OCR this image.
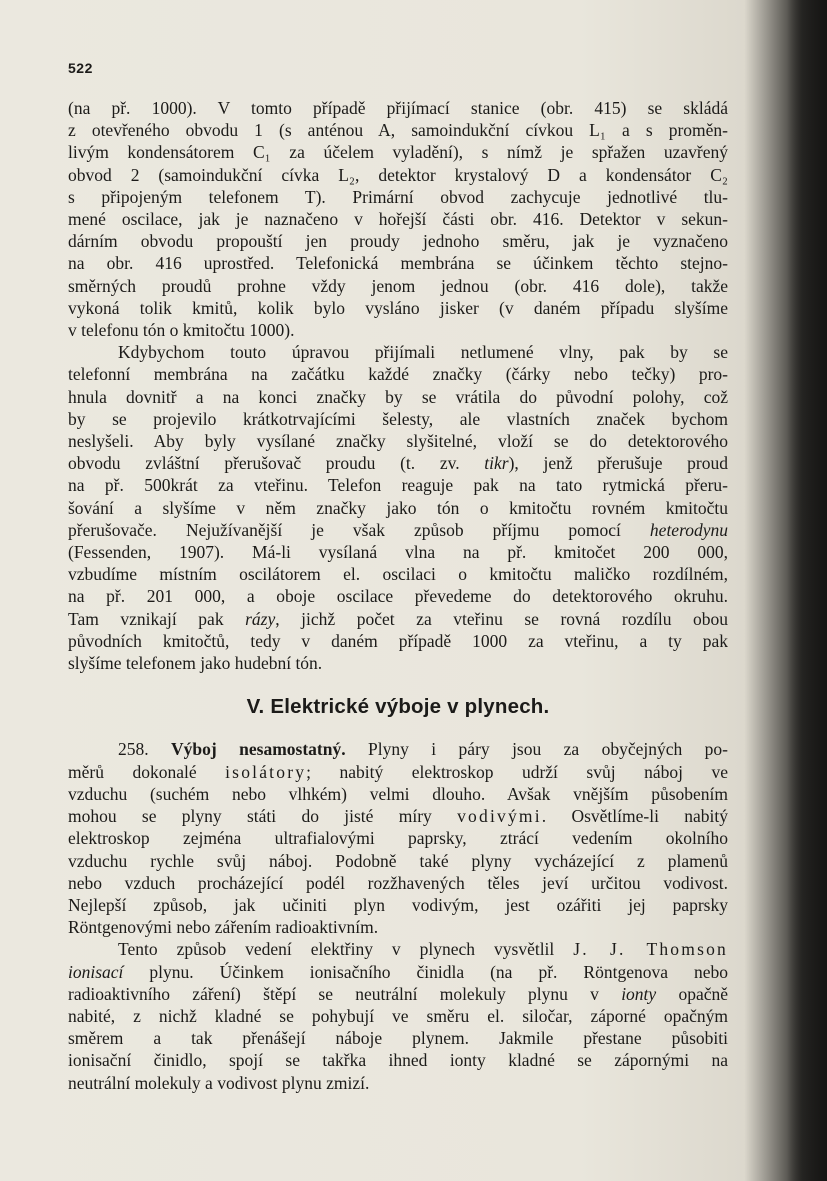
522
(na př. 1000). V tomto případě přijímací stanice (obr. 415) se skládá
z otevřeného obvodu 1 (s anténou A, samoindukční cívkou L₁ a s proměn-
livým kondensátorem C₁ za účelem vyladění), s nímž je spřažen uzavřený
obvod 2 (samoindukční cívka L₂, detektor krystalový D a kondensátor C₂
s připojeným telefonem T). Primární obvod zachycuje jednotlivé tlu-
mené oscilace, jak je naznačeno v hořejší části obr. 416. Detektor v sekun-
dárním obvodu propouští jen proudy jednoho směru, jak je vyznačeno
na obr. 416 uprostřed. Telefonická membrána se účinkem těchto stejno-
směrných proudů prohne vždy jenom jednou (obr. 416 dole), takže
vykoná tolik kmitů, kolik bylo vysláno jisker (v daném případu slyšíme
v telefonu tón o kmitočtu 1000).
Kdybychom touto úpravou přijímali netlumené vlny, pak by se
telefonní membrána na začátku každé značky (čárky nebo tečky) pro-
hnula dovnitř a na konci značky by se vrátila do původní polohy, což
by se projevilo krátkotrvajícími šelesty, ale vlastních značek bychom
neslyšeli. Aby byly vysílané značky slyšitelné, vloží se do detektorového
obvodu zvláštní přerušovač proudu (t. zv. tikr), jenž přerušuje proud
na př. 500krát za vteřinu. Telefon reaguje pak na tato rytmická přeru-
šování a slyšíme v něm značky jako tón o kmitočtu rovném kmitočtu
přerušovače. Nejužívanější je však způsob příjmu pomocí heterodynu
(Fessenden, 1907). Má-li vysílaná vlna na př. kmitočet 200 000,
vzbudíme místním oscilátorem el. oscilaci o kmitočtu maličko rozdílném,
na př. 201 000, a oboje oscilace převedeme do detektorového okruhu.
Tam vznikají pak rázy, jichž počet za vteřinu se rovná rozdílu obou
původních kmitočtů, tedy v daném případě 1000 za vteřinu, a ty pak
slyšíme telefonem jako hudební tón.
V. Elektrické výboje v plynech.
258. Výboj nesamostatný. Plyny i páry jsou za obyčejných po-
měrů dokonalé isolátory; nabitý elektroskop udrží svůj náboj ve
vzduchu (suchém nebo vlhkém) velmi dlouho. Avšak vnějším působením
mohou se plyny státi do jisté míry vodivými. Osvětlíme-li nabitý
elektroskop zejména ultrafialovými paprsky, ztrácí vedením okolního
vzduchu rychle svůj náboj. Podobně také plyny vycházející z plamenů
nebo vzduch procházející podél rozžhavených těles jeví určitou vodivost.
Nejlepší způsob, jak učiniti plyn vodivým, jest ozářiti jej paprsky
Röntgenovými nebo zářením radioaktivním.
Tento způsob vedení elektřiny v plynech vysvětlil J. J. Thomson
ionisací plynu. Účinkem ionisačního činidla (na př. Röntgenova nebo
radioaktivního záření) štěpí se neutrální molekuly plynu v ionty opačně
nabité, z nichž kladné se pohybují ve směru el. siločar, záporné opačným
směrem a tak přenášejí náboje plynem. Jakmile přestane působiti
ionisační činidlo, spojí se takřka ihned ionty kladné se zápornými na
neutrální molekuly a vodivost plynu zmizí.
